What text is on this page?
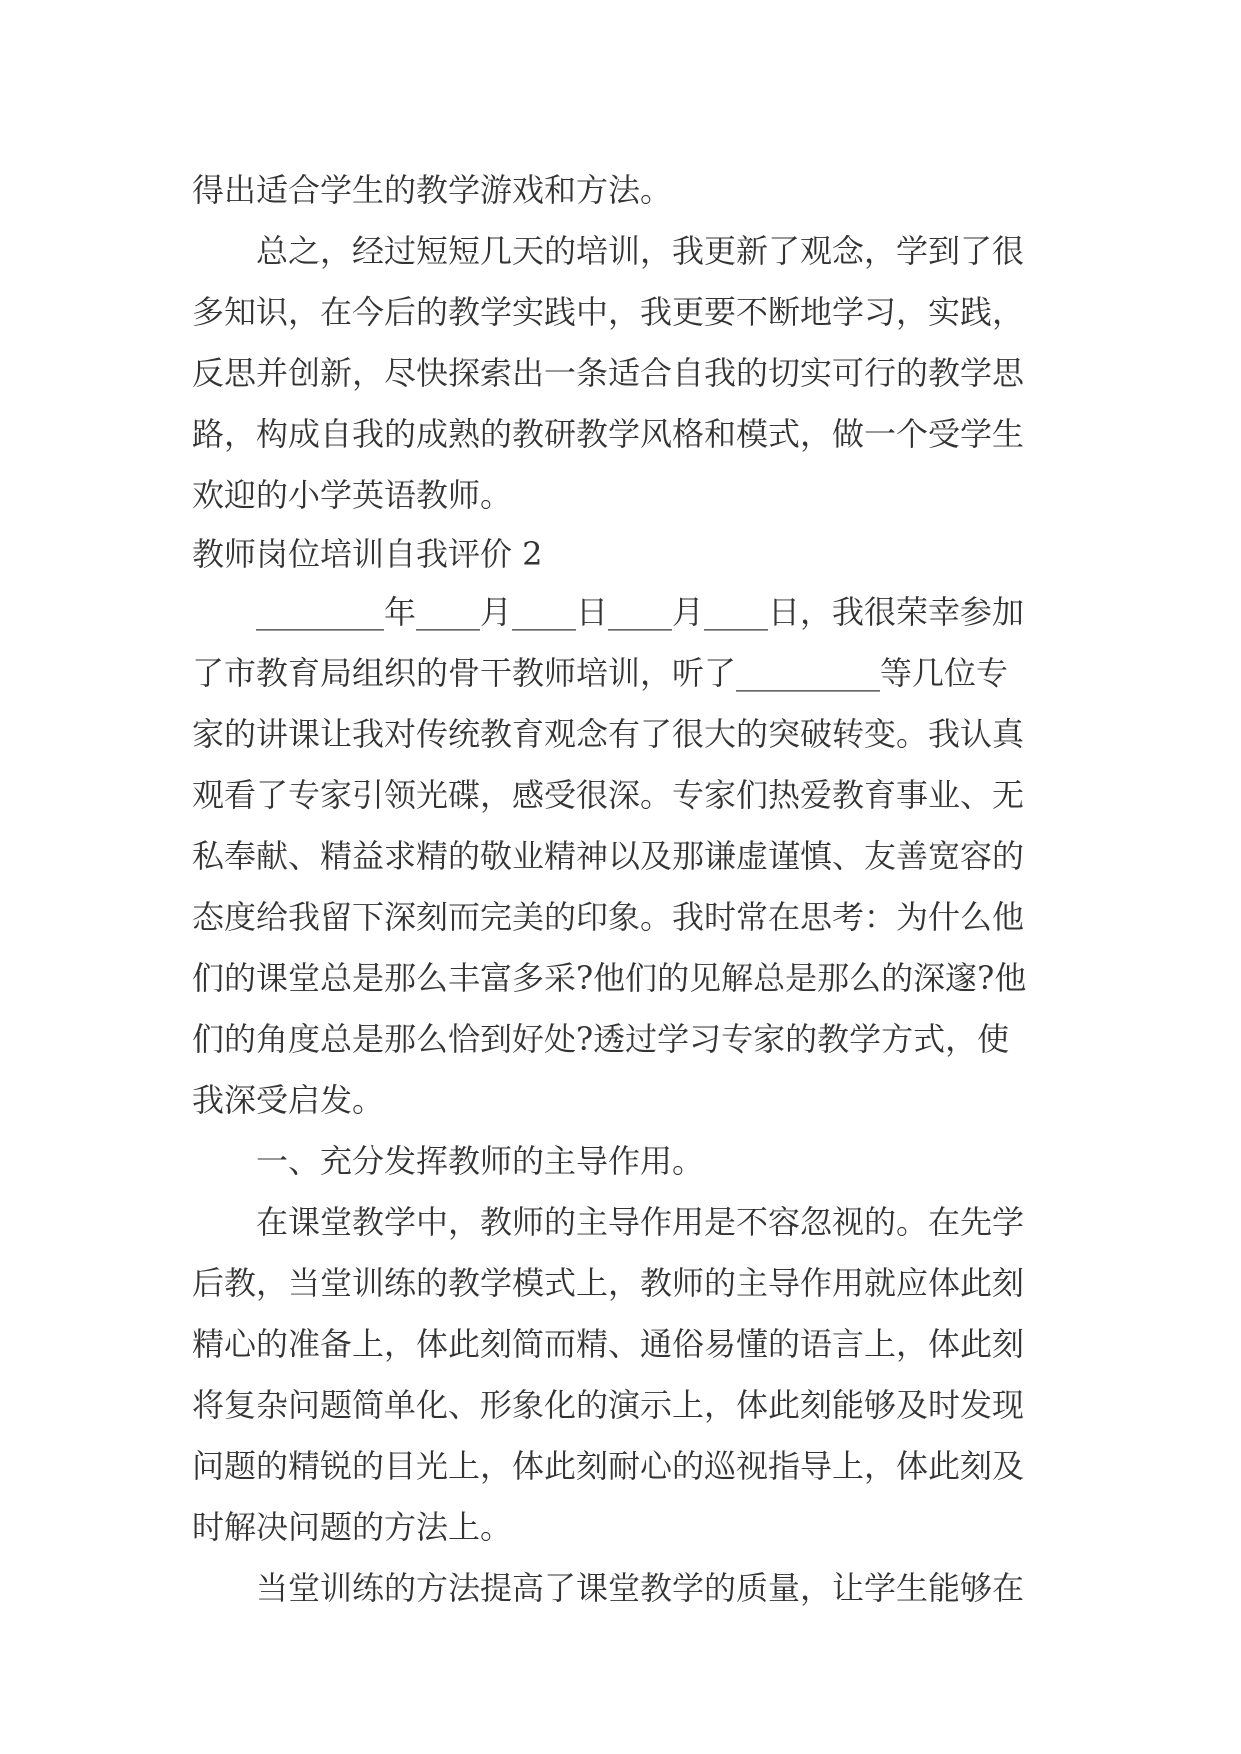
得出适合学生的教学游戏和方法。

总之，经过短短几天的培训，我更新了观念，学到了很

多知识，在今后的教学实践中，我更要不断地学习，实践，

反思并创新，尽快探索出一条适合自我的切实可行的教学思

路，构成自我的成熟的教研教学风格和模式，做一个受学生

欢迎的小学英语教师。

教师岗位培训自我评价 2

________年____月____日____月____日，我很荣幸参加

了市教育局组织的骨干教师培训，听了_________等几位专

家的讲课让我对传统教育观念有了很大的突破转变。我认真

观看了专家引领光碟，感受很深。专家们热爱教育事业、无

私奉献、精益求精的敬业精神以及那谦虚谨慎、友善宽容的

态度给我留下深刻而完美的印象。我时常在思考：为什么他

们的课堂总是那么丰富多采?他们的见解总是那么的深邃?他

们的角度总是那么恰到好处?透过学习专家的教学方式，使

我深受启发。

一、充分发挥教师的主导作用。

在课堂教学中，教师的主导作用是不容忽视的。在先学

后教，当堂训练的教学模式上，教师的主导作用就应体此刻

精心的准备上，体此刻简而精、通俗易懂的语言上，体此刻

将复杂问题简单化、形象化的演示上，体此刻能够及时发现

问题的精锐的目光上，体此刻耐心的巡视指导上，体此刻及

时解决问题的方法上。

当堂训练的方法提高了课堂教学的质量，让学生能够在
